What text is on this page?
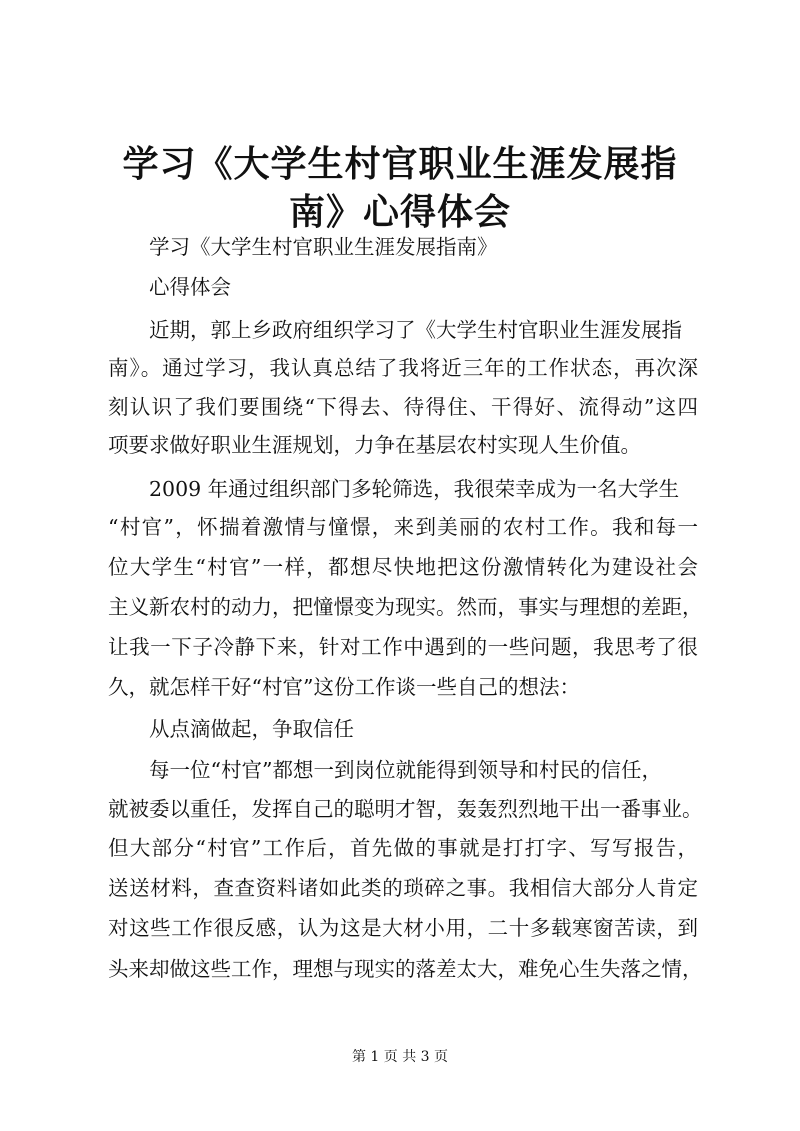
学习《大学生村官职业生涯发展指南》心得体会
学习《大学生村官职业生涯发展指南》
心得体会
近期，郭上乡政府组织学习了《大学生村官职业生涯发展指
南》。通过学习，我认真总结了我将近三年的工作状态，再次深
刻认识了我们要围绕“下得去、待得住、干得好、流得动”这四
项要求做好职业生涯规划，力争在基层农村实现人生价值。
2009 年通过组织部门多轮筛选，我很荣幸成为一名大学生
“村官”，怀揣着激情与憧憬，来到美丽的农村工作。我和每一
位大学生“村官”一样，都想尽快地把这份激情转化为建设社会
主义新农村的动力，把憧憬变为现实。然而，事实与理想的差距，
让我一下子冷静下来，针对工作中遇到的一些问题，我思考了很
久，就怎样干好“村官”这份工作谈一些自己的想法：
从点滴做起，争取信任
每一位“村官”都想一到岗位就能得到领导和村民的信任，
就被委以重任，发挥自己的聪明才智，轰轰烈烈地干出一番事业。
但大部分“村官”工作后，首先做的事就是打打字、写写报告，
送送材料，查查资料诸如此类的琐碎之事。我相信大部分人肯定
对这些工作很反感，认为这是大材小用，二十多载寒窗苦读，到
头来却做这些工作，理想与现实的落差太大，难免心生失落之情，
第 1 页 共 3 页
